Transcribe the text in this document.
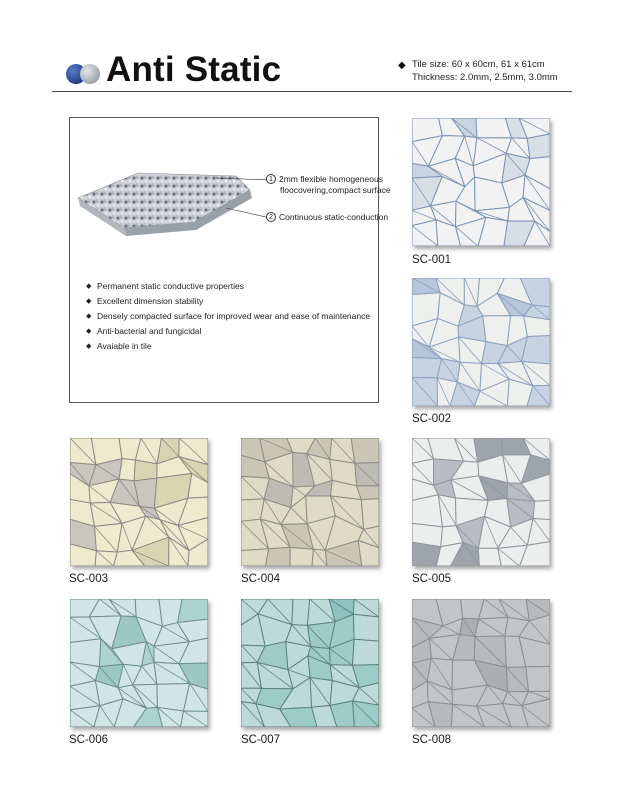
Anti Static	◆ Tile size: 60 x 60cm, 61 x 61cm
Thickness: 2.0mm, 2.5mm, 3.0mm
1 2mm flexible homogeneous
floocovering,compact surface
2 Continuous static-conduction
◆ Permanent static conductive properties
◆ Excellent dimension stability
◆ Densely compacted surface for improved wear and ease of maintenance
◆ Anti-bacterial and fungicidal
◆ Avaiable in tile
SC-001
SC-002
SC-003	SC-004	SC-005
SC-006	SC-007	SC-008
